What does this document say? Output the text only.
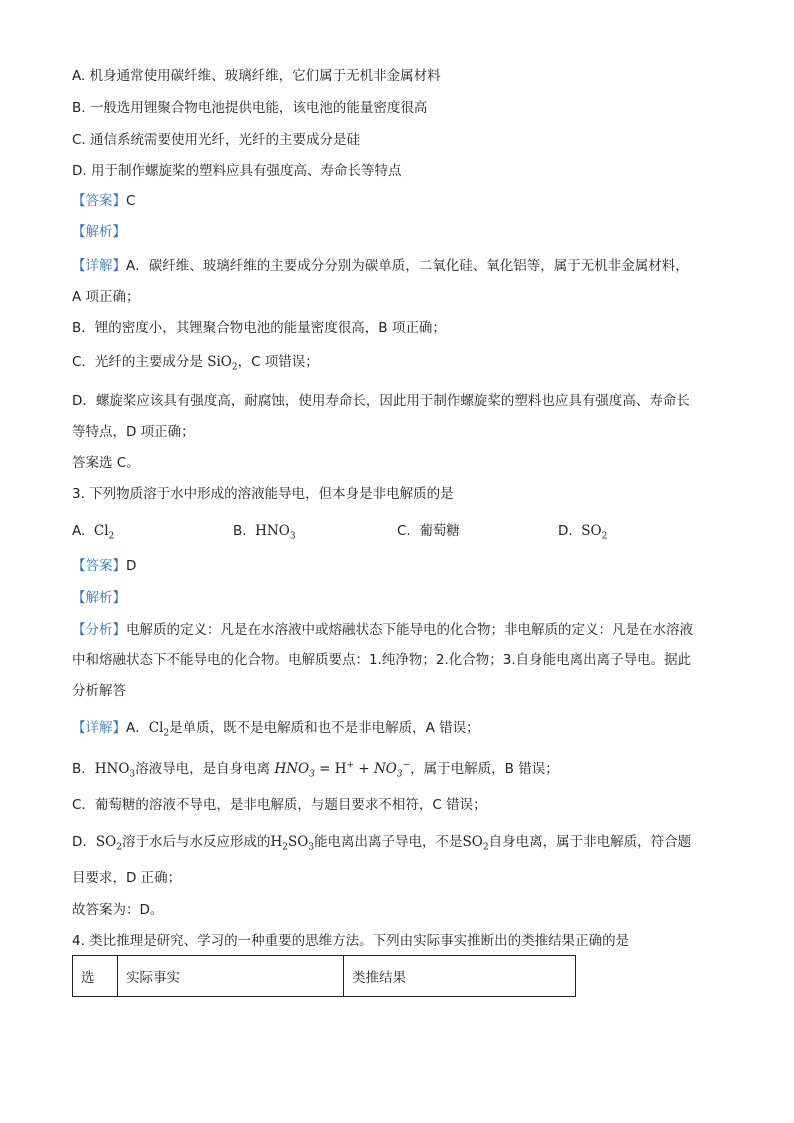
A. 机身通常使用碳纤维、玻璃纤维，它们属于无机非金属材料
B. 一般选用锂聚合物电池提供电能，该电池的能量密度很高
C. 通信系统需要使用光纤，光纤的主要成分是硅
D. 用于制作螺旋桨的塑料应具有强度高、寿命长等特点
【答案】C
【解析】
【详解】A．碳纤维、玻璃纤维的主要成分分别为碳单质，二氧化硅、氧化铝等，属于无机非金属材料，
A 项正确；
B．锂的密度小，其锂聚合物电池的能量密度很高，B 项正确；
C．光纤的主要成分是 SiO$_2$，C 项错误；
D．螺旋桨应该具有强度高，耐腐蚀，使用寿命长，因此用于制作螺旋桨的塑料也应具有强度高、寿命长
等特点，D 项正确；
答案选 C。
3. 下列物质溶于水中形成的溶液能导电，但本身是非电解质的是
A. $Cl_2$	B. $HNO_3$	C. 葡萄糖	D. $SO_2$
【答案】D
【解析】
【分析】电解质的定义：凡是在水溶液中或熔融状态下能导电的化合物；非电解质的定义：凡是在水溶液
中和熔融状态下不能导电的化合物。电解质要点：1.纯净物；2.化合物；3.自身能电离出离子导电。据此
分析解答
【详解】A．$Cl_2$是单质，既不是电解质和也不是非电解质，A 错误；
B．$HNO_3$溶液导电，是自身电离 $HNO_3 = H^+ + NO_3^-$，属于电解质，B 错误；
C．葡萄糖的溶液不导电，是非电解质，与题目要求不相符，C 错误；
D．$SO_2$溶于水后与水反应形成的$H_2SO_3$能电离出离子导电，不是$SO_2$自身电离，属于非电解质，符合题
目要求，D 正确；
故答案为：D。
4. 类比推理是研究、学习的一种重要的思维方法。下列由实际事实推断出的类推结果正确的是
选	实际事实	类推结果
